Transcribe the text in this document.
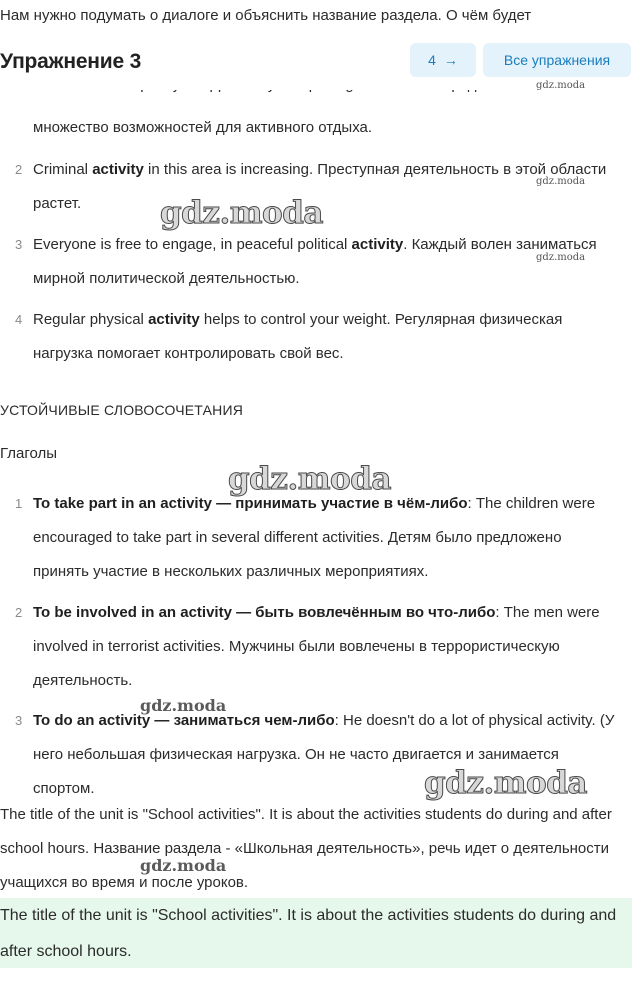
Нам нужно подумать о диалоге и объяснить название раздела. О чём будет
Упражнение 3	4 →	Все упражнения
множество возможностей для активного отдыха.
2 Criminal activity in this area is increasing. Преступная деятельность в этой области растет.
3 Everyone is free to engage, in peaceful political activity. Каждый волен заниматься мирной политической деятельностью.
4 Regular physical activity helps to control your weight. Регулярная физическая нагрузка помогает контролировать свой вес.
УСТОЙЧИВЫЕ СЛОВОСОЧЕТАНИЯ
Глаголы
1 To take part in an activity — принимать участие в чём-либо: The children were encouraged to take part in several different activities. Детям было предложено принять участие в нескольких различных мероприятиях.
2 To be involved in an activity — быть вовлечённым во что-либо: The men were involved in terrorist activities. Мужчины были вовлечены в террористическую деятельность.
3 To do an activity — заниматься чем-либо: He doesn't do a lot of physical activity. (У него небольшая физическая нагрузка. Он не часто двигается и занимается спортом.
The title of the unit is "School activities". It is about the activities students do during and after school hours. Название раздела - «Школьная деятельность», речь идет о деятельности учащихся во время и после уроков.
The title of the unit is "School activities". It is about the activities students do during and after school hours.
gdz.moda
gdz.moda
gdz.moda
gdz.moda
gdz.moda
gdz.moda
gdz.moda
gdz.moda
